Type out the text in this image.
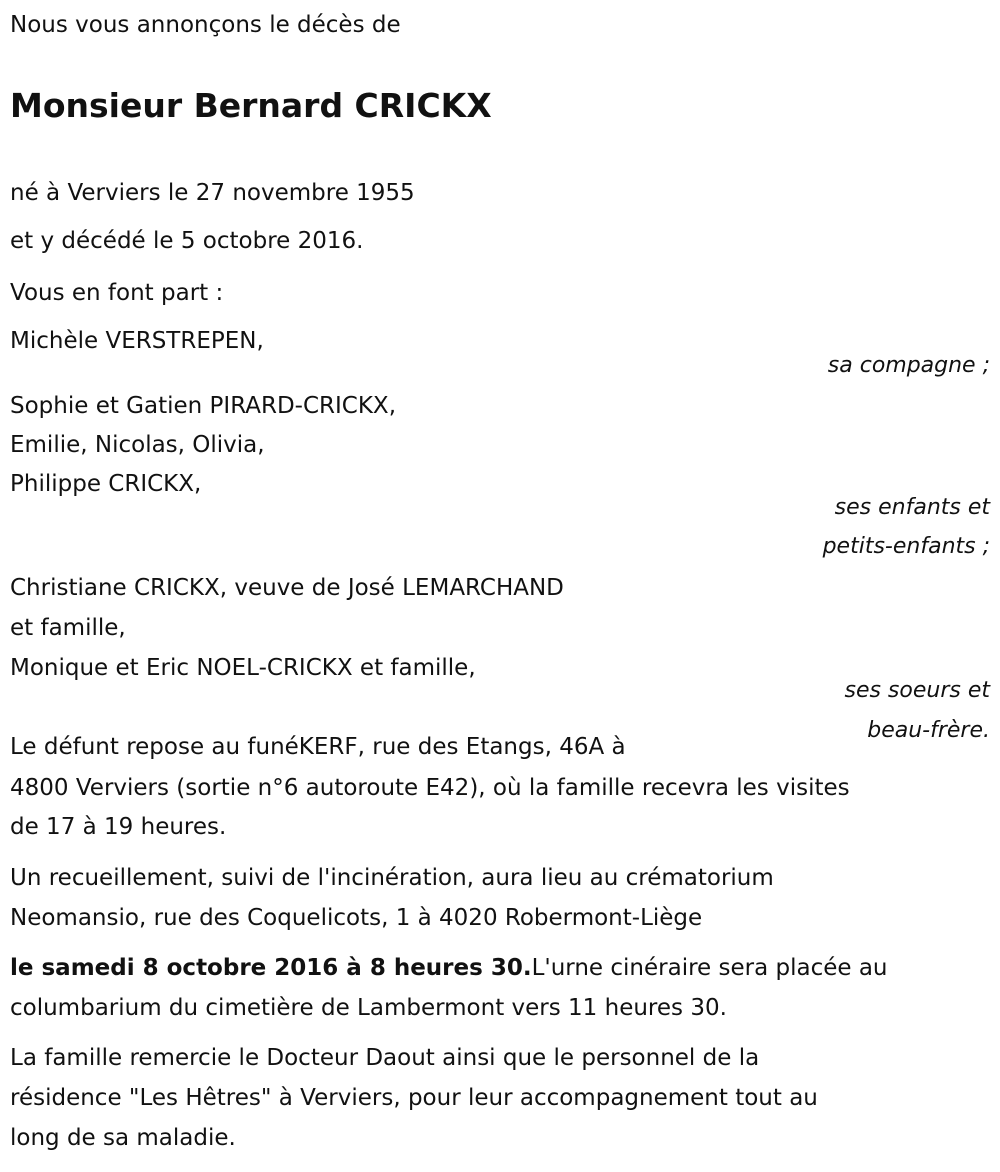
Nous vous annonçons le décès de
Monsieur Bernard CRICKX
né à Verviers le 27 novembre 1955
et y décédé le 5 octobre 2016.
Vous en font part :
Michèle VERSTREPEN,
sa compagne ;
Sophie et Gatien PIRARD-CRICKX,
Emilie, Nicolas, Olivia,
Philippe CRICKX,
ses enfants et
petits-enfants ;
Christiane CRICKX, veuve de José LEMARCHAND
et famille,
Monique et Eric NOEL-CRICKX et famille,
ses soeurs et
beau-frère.
Le défunt repose au funéKERF, rue des Etangs, 46A à
4800 Verviers (sortie n°6 autoroute E42), où la famille recevra les visites
de 17 à 19 heures.
Un recueillement, suivi de l'incinération, aura lieu au crématorium
Neomansio, rue des Coquelicots, 1 à 4020 Robermont-Liège
le samedi 8 octobre 2016 à 8 heures 30.L'urne cinéraire sera placée au
columbarium du cimetière de Lambermont vers 11 heures 30.
La famille remercie le Docteur Daout ainsi que le personnel de la
résidence "Les Hêtres" à Verviers, pour leur accompagnement tout au
long de sa maladie.
